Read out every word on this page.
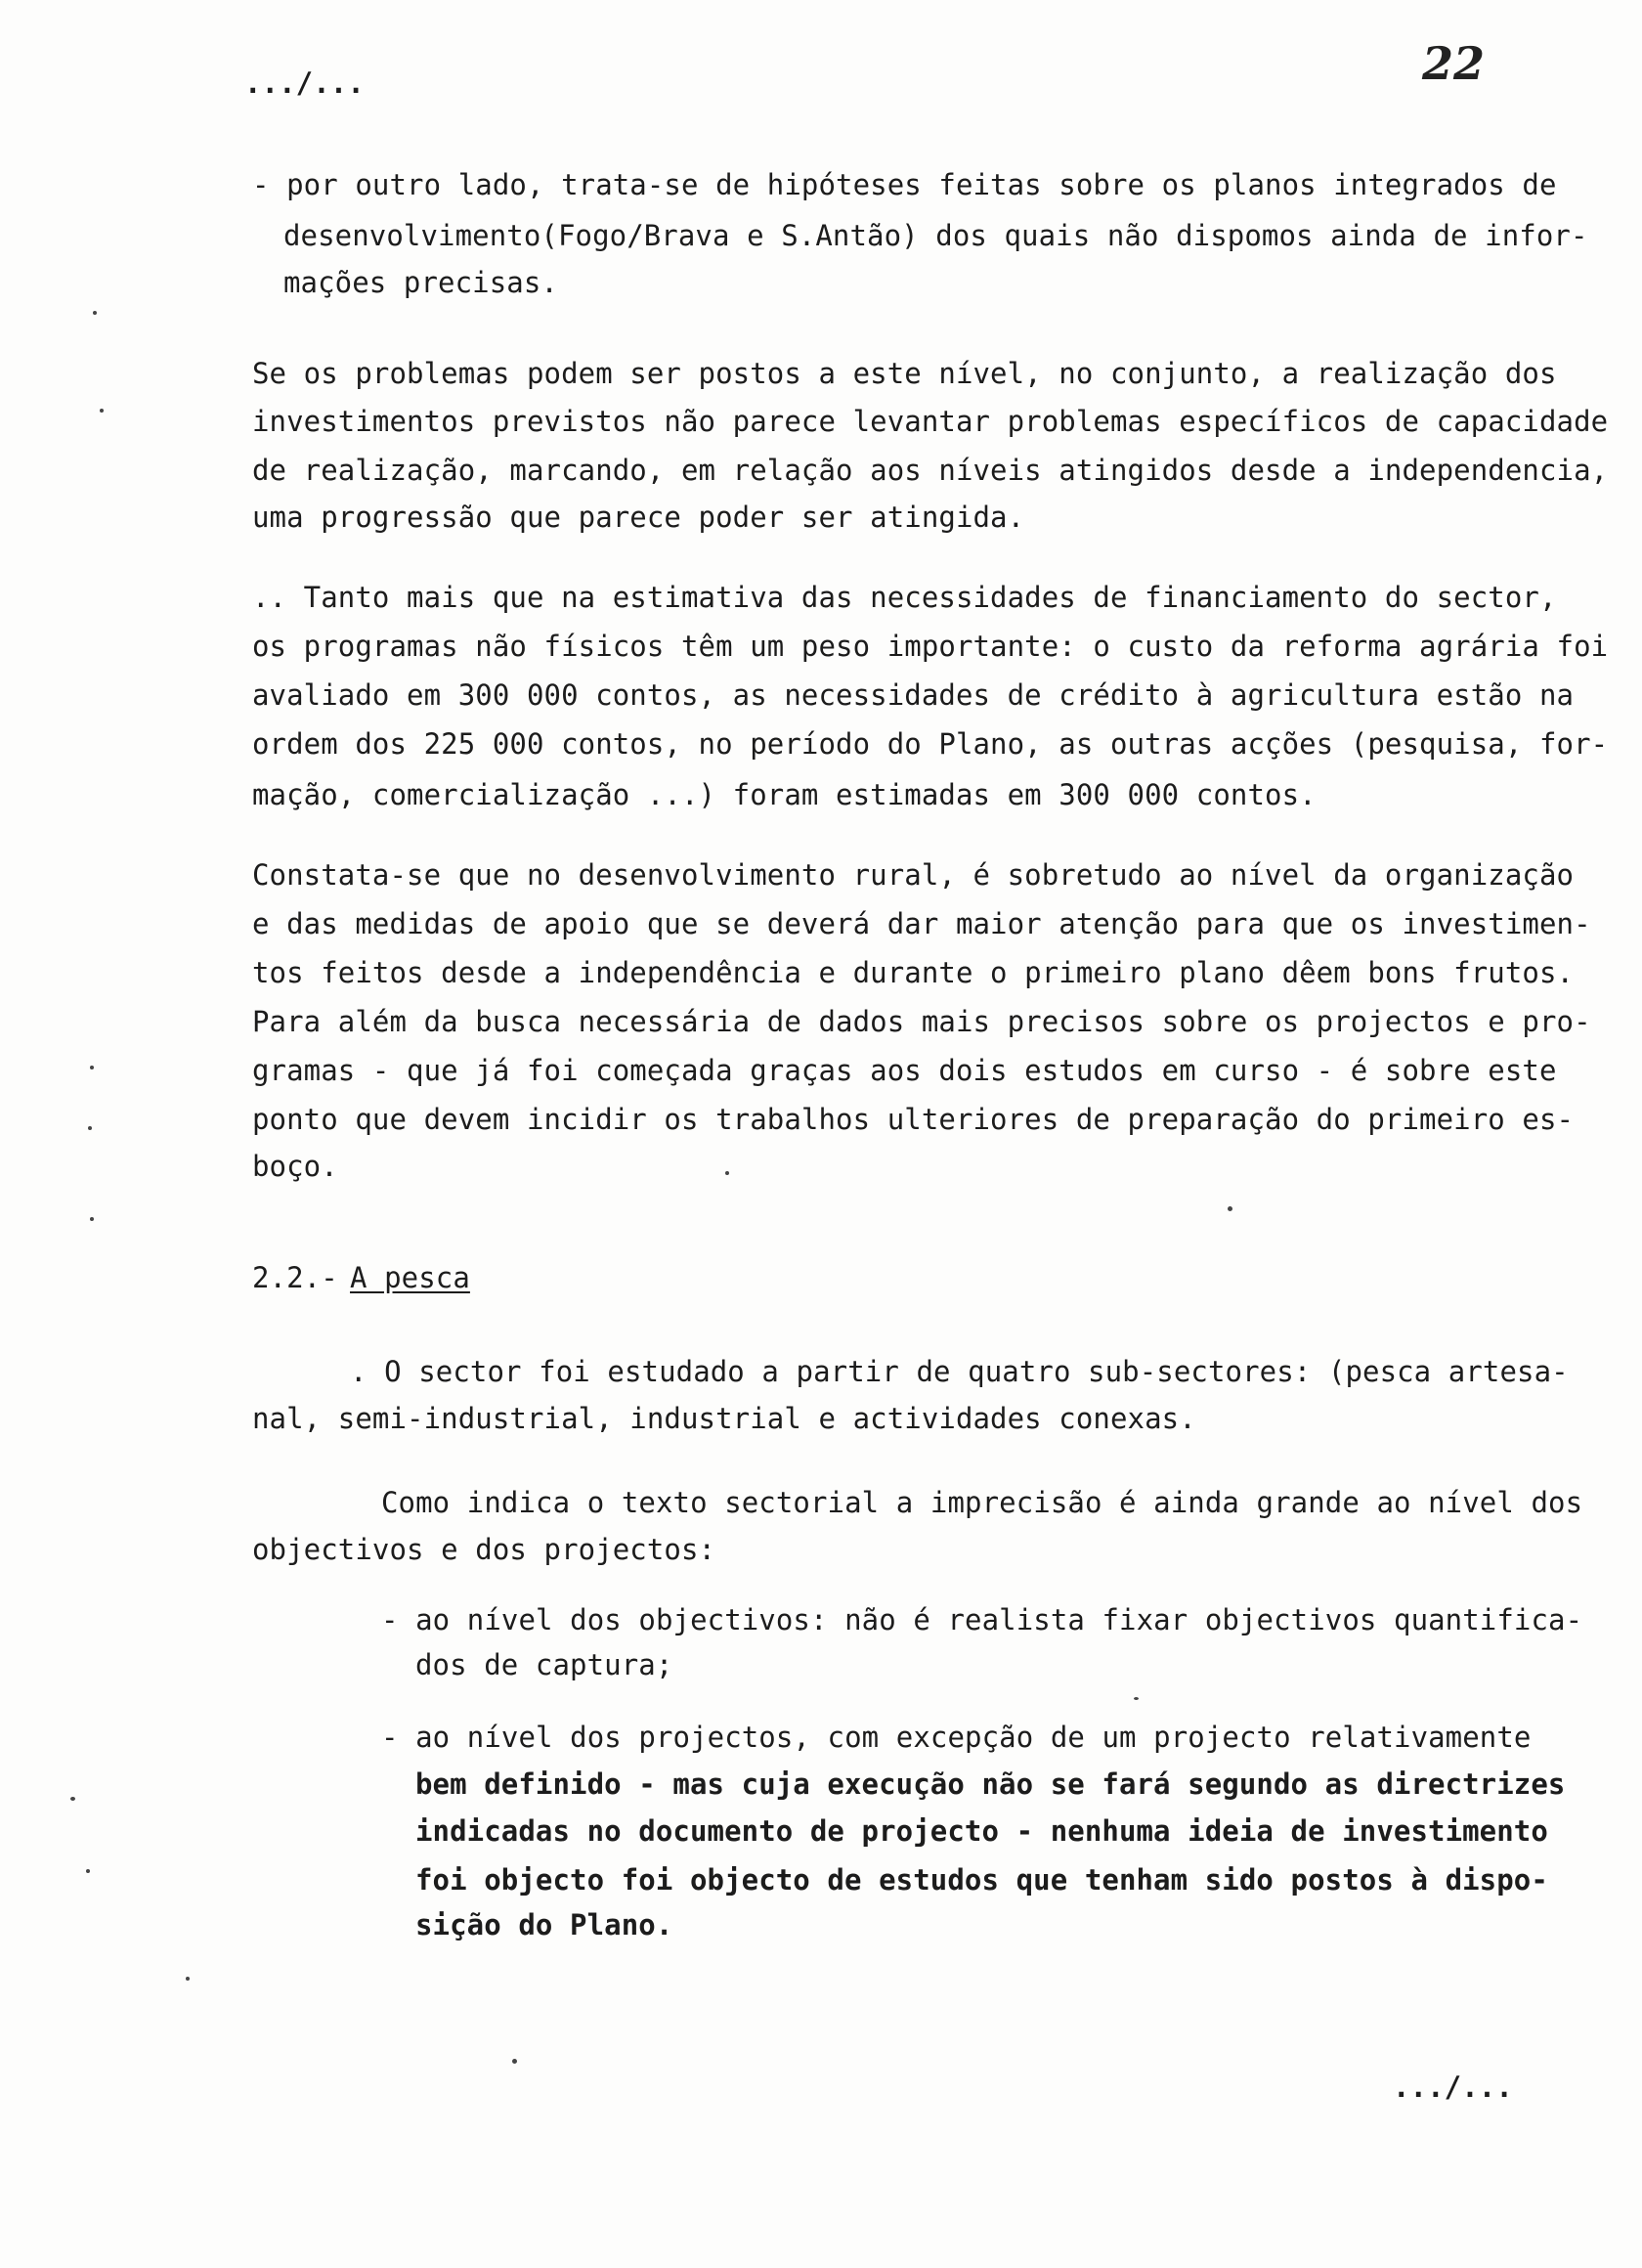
.../...	22
- por outro lado, trata-se de hipóteses feitas sobre os planos integrados de
desenvolvimento(Fogo/Brava e S.Antão) dos quais não dispomos ainda de infor-
mações precisas.
Se os problemas podem ser postos a este nível, no conjunto, a realização dos
investimentos previstos não parece levantar problemas específicos de capacidade
de realização, marcando, em relação aos níveis atingidos desde a independencia,
uma progressão que parece poder ser atingida.
.. Tanto mais que na estimativa das necessidades de financiamento do sector,
os programas não físicos têm um peso importante: o custo da reforma agrária foi
avaliado em 300 000 contos, as necessidades de crédito à agricultura estão na
ordem dos 225 000 contos, no período do Plano, as outras acções (pesquisa, for-
mação, comercialização ...) foram estimadas em 300 000 contos.
Constata-se que no desenvolvimento rural, é sobretudo ao nível da organização
e das medidas de apoio que se deverá dar maior atenção para que os investimen-
tos feitos desde a independência e durante o primeiro plano dêem bons frutos.
Para além da busca necessária de dados mais precisos sobre os projectos e pro-
gramas - que já foi começada graças aos dois estudos em curso - é sobre este
ponto que devem incidir os trabalhos ulteriores de preparação do primeiro es-
boço.
2.2.- A pesca
. O sector foi estudado a partir de quatro sub-sectores: (pesca artesa-
nal, semi-industrial, industrial e actividades conexas.
Como indica o texto sectorial a imprecisão é ainda grande ao nível dos
objectivos e dos projectos:
- ao nível dos objectivos: não é realista fixar objectivos quantifica-
dos de captura;
- ao nível dos projectos, com excepção de um projecto relativamente
bem definido - mas cuja execução não se fará segundo as directrizes
indicadas no documento de projecto - nenhuma ideia de investimento
foi objecto foi objecto de estudos que tenham sido postos à dispo-
sição do Plano.
.../...
